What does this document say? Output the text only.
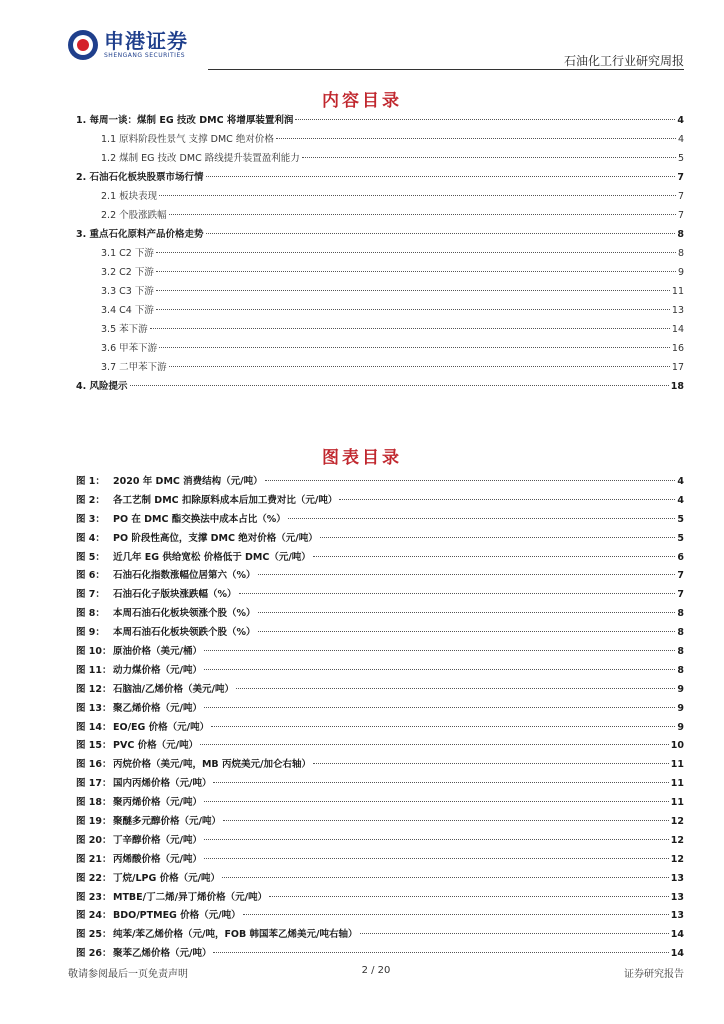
申港证券
SHENGANG SECURITIES	石油化工行业研究周报
内容目录
1. 每周一谈：煤制 EG 技改 DMC 将增厚装置利润	4
1.1 原料阶段性景气 支撑 DMC 绝对价格	4
1.2 煤制 EG 技改 DMC 路线提升装置盈利能力	5
2. 石油石化板块股票市场行情	7
2.1 板块表现	7
2.2 个股涨跌幅	7
3. 重点石化原料产品价格走势	8
3.1 C2 下游	8
3.2 C2 下游	9
3.3 C3 下游	11
3.4 C4 下游	13
3.5 苯下游	14
3.6 甲苯下游	16
3.7 二甲苯下游	17
4. 风险提示	18
图表目录
图 1： 2020 年 DMC 消费结构（元/吨）	4
图 2： 各工艺制 DMC 扣除原料成本后加工费对比（元/吨）	4
图 3： PO 在 DMC 酯交换法中成本占比（%）	5
图 4： PO 阶段性高位，支撑 DMC 绝对价格（元/吨）	5
图 5： 近几年 EG 供给宽松 价格低于 DMC（元/吨）	6
图 6： 石油石化指数涨幅位居第六（%）	7
图 7： 石油石化子版块涨跌幅（%）	7
图 8： 本周石油石化板块领涨个股（%）	8
图 9： 本周石油石化板块领跌个股（%）	8
图 10： 原油价格（美元/桶）	8
图 11： 动力煤价格（元/吨）	8
图 12： 石脑油/乙烯价格（美元/吨）	9
图 13： 聚乙烯价格（元/吨）	9
图 14： EO/EG 价格（元/吨）	9
图 15： PVC 价格（元/吨）	10
图 16： 丙烷价格（美元/吨，MB 丙烷美元/加仑右轴）	11
图 17： 国内丙烯价格（元/吨）	11
图 18： 聚丙烯价格（元/吨）	11
图 19： 聚醚多元醇价格（元/吨）	12
图 20： 丁辛醇价格（元/吨）	12
图 21： 丙烯酸价格（元/吨）	12
图 22： 丁烷/LPG 价格（元/吨）	13
图 23： MTBE/丁二烯/异丁烯价格（元/吨）	13
图 24： BDO/PTMEG 价格（元/吨）	13
图 25： 纯苯/苯乙烯价格（元/吨，FOB 韩国苯乙烯美元/吨右轴）	14
图 26： 聚苯乙烯价格（元/吨）	14
敬请参阅最后一页免责声明	2 / 20	证券研究报告
